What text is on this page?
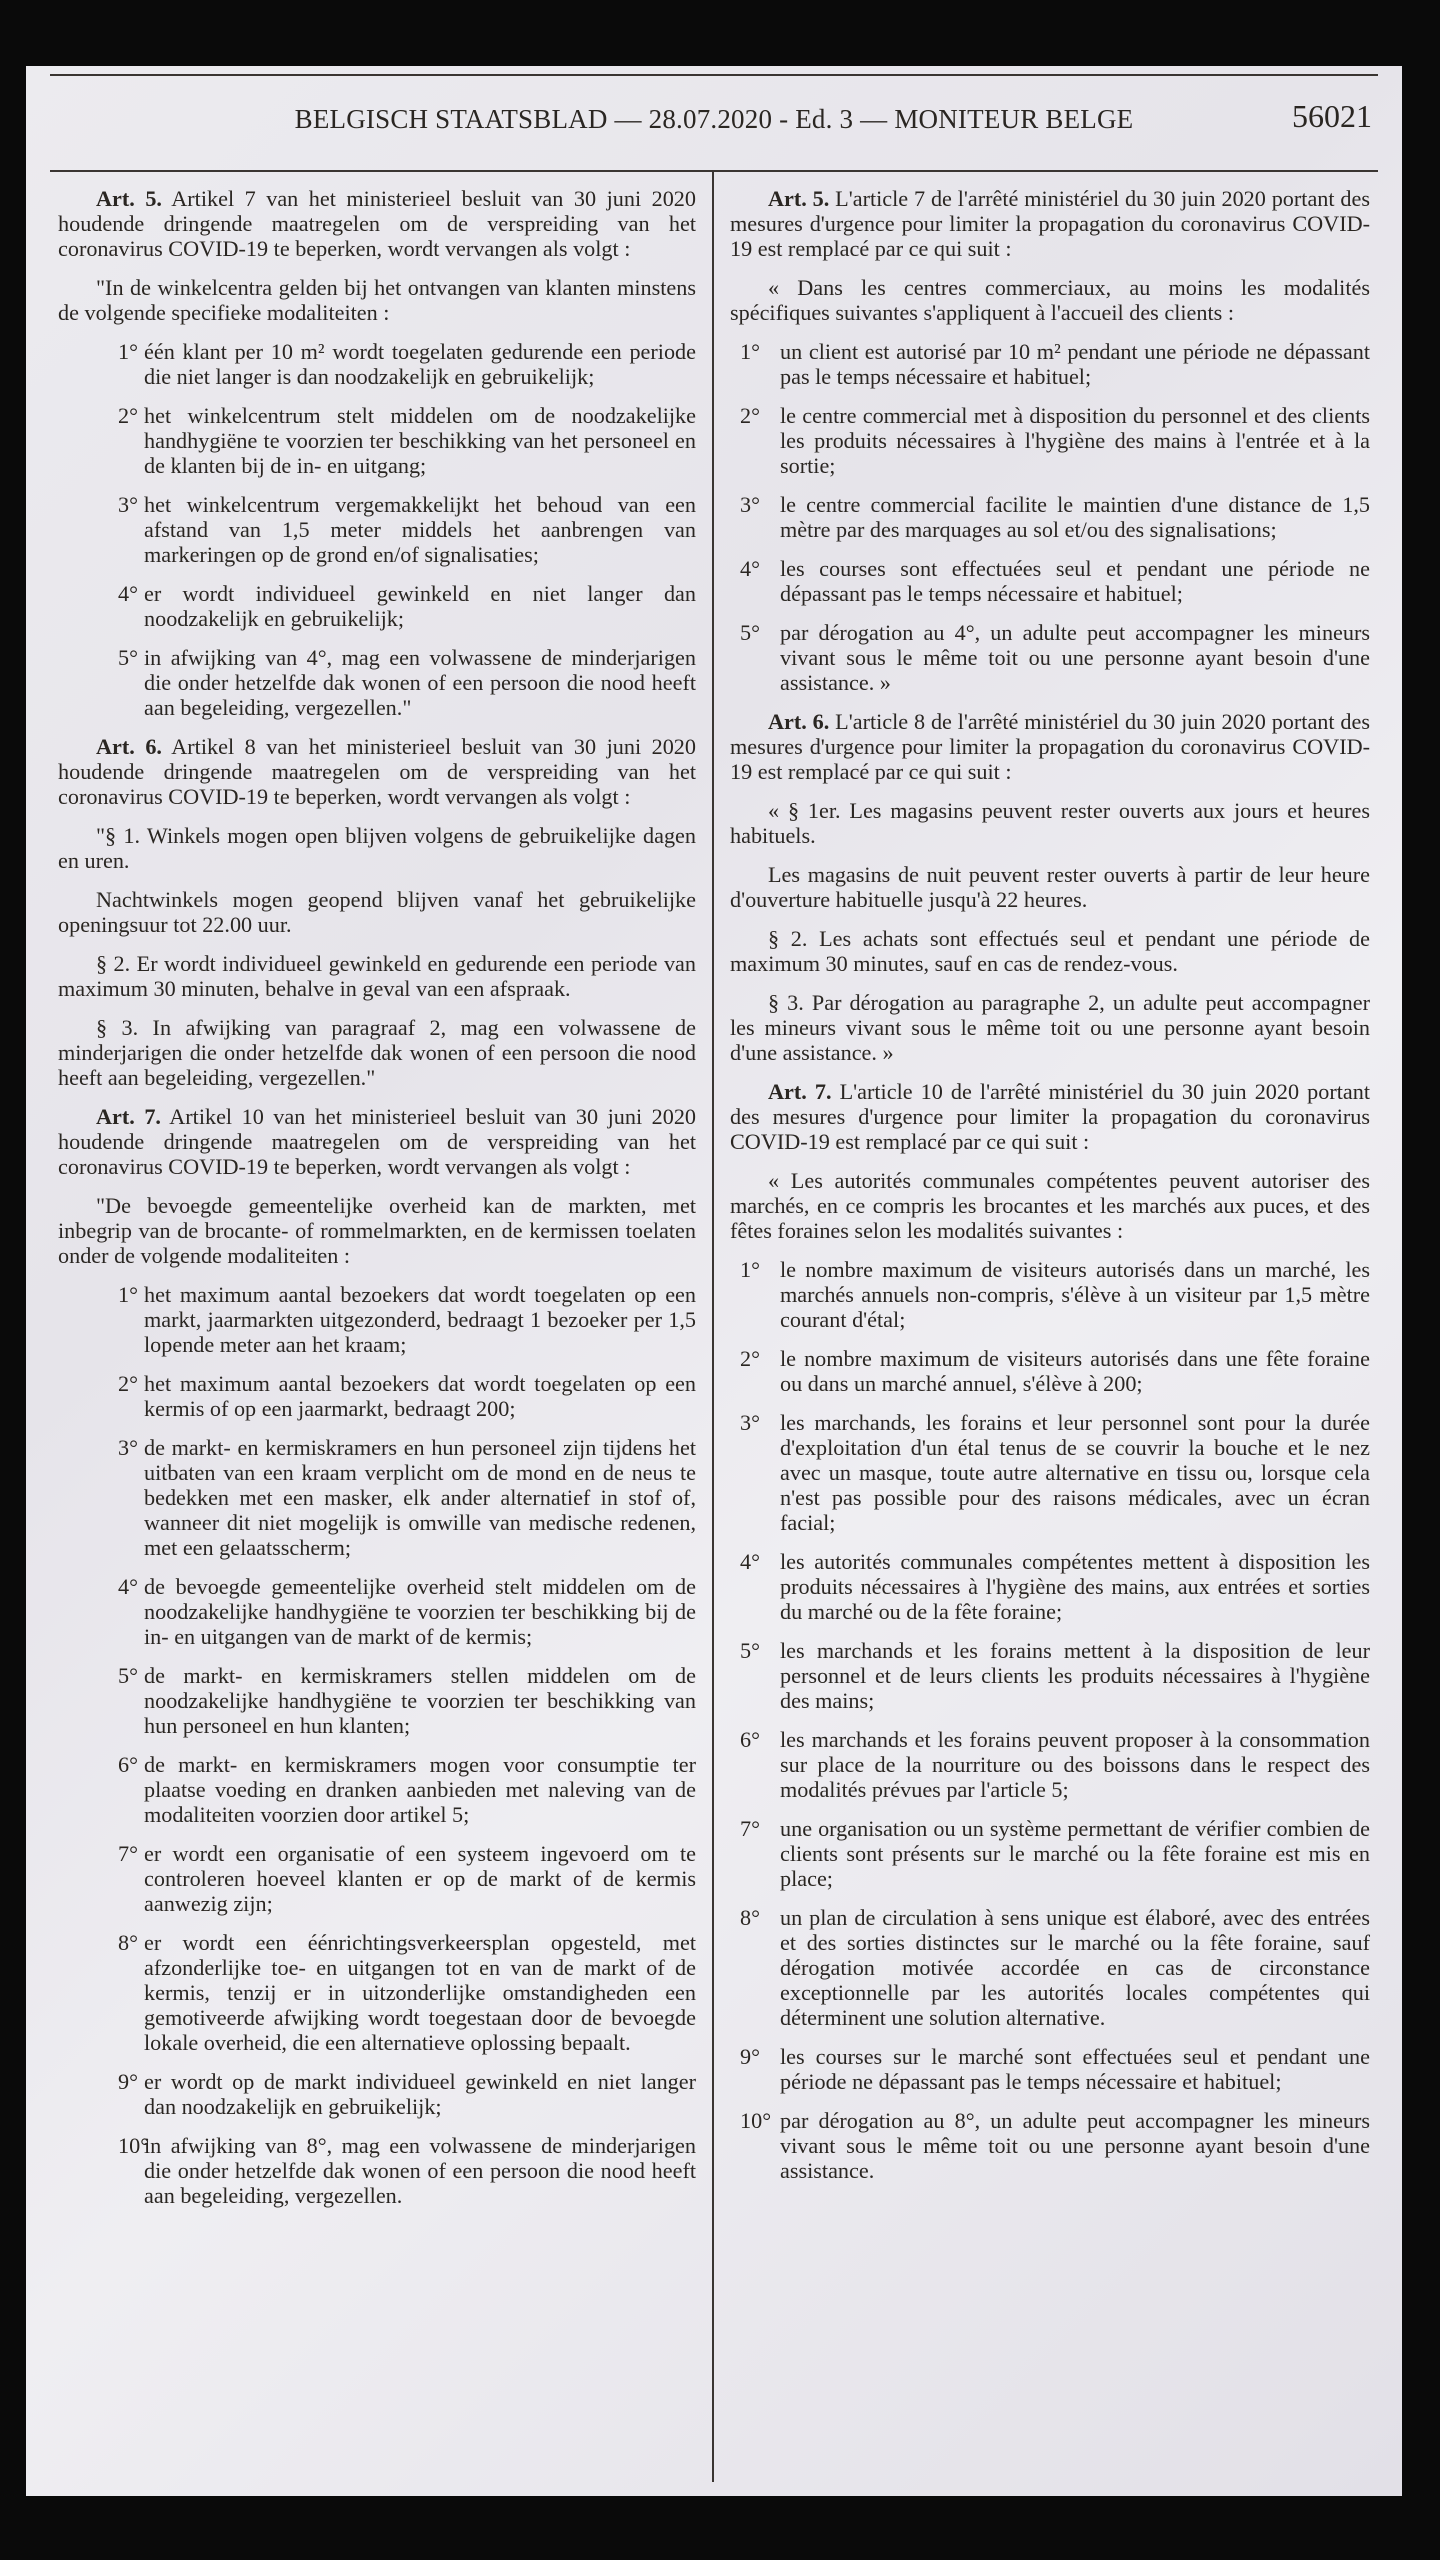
BELGISCH STAATSBLAD — 28.07.2020 - Ed. 3 — MONITEUR BELGE	56021

Art. 5. Artikel 7 van het ministerieel besluit van 30 juni 2020 houdende dringende maatregelen om de verspreiding van het coronavirus COVID-19 te beperken, wordt vervangen als volgt :

"In de winkelcentra gelden bij het ontvangen van klanten minstens de volgende specifieke modaliteiten :

1° één klant per 10 m² wordt toegelaten gedurende een periode die niet langer is dan noodzakelijk en gebruikelijk;
2° het winkelcentrum stelt middelen om de noodzakelijke handhygiëne te voorzien ter beschikking van het personeel en de klanten bij de in- en uitgang;
3° het winkelcentrum vergemakkelijkt het behoud van een afstand van 1,5 meter middels het aanbrengen van markeringen op de grond en/of signalisaties;
4° er wordt individueel gewinkeld en niet langer dan noodzakelijk en gebruikelijk;
5° in afwijking van 4°, mag een volwassene de minderjarigen die onder hetzelfde dak wonen of een persoon die nood heeft aan begeleiding, vergezellen."

Art. 6. Artikel 8 van het ministerieel besluit van 30 juni 2020 houdende dringende maatregelen om de verspreiding van het coronavirus COVID-19 te beperken, wordt vervangen als volgt :

"§ 1. Winkels mogen open blijven volgens de gebruikelijke dagen en uren.

Nachtwinkels mogen geopend blijven vanaf het gebruikelijke openingsuur tot 22.00 uur.

§ 2. Er wordt individueel gewinkeld en gedurende een periode van maximum 30 minuten, behalve in geval van een afspraak.

§ 3. In afwijking van paragraaf 2, mag een volwassene de minderjarigen die onder hetzelfde dak wonen of een persoon die nood heeft aan begeleiding, vergezellen."

Art. 7. Artikel 10 van het ministerieel besluit van 30 juni 2020 houdende dringende maatregelen om de verspreiding van het coronavirus COVID-19 te beperken, wordt vervangen als volgt :

"De bevoegde gemeentelijke overheid kan de markten, met inbegrip van de brocante- of rommelmarkten, en de kermissen toelaten onder de volgende modaliteiten :

1° het maximum aantal bezoekers dat wordt toegelaten op een markt, jaarmarkten uitgezonderd, bedraagt 1 bezoeker per 1,5 lopende meter aan het kraam;
2° het maximum aantal bezoekers dat wordt toegelaten op een kermis of op een jaarmarkt, bedraagt 200;
3° de markt- en kermiskramers en hun personeel zijn tijdens het uitbaten van een kraam verplicht om de mond en de neus te bedekken met een masker, elk ander alternatief in stof of, wanneer dit niet mogelijk is omwille van medische redenen, met een gelaatsscherm;
4° de bevoegde gemeentelijke overheid stelt middelen om de noodzakelijke handhygiëne te voorzien ter beschikking bij de in- en uitgangen van de markt of de kermis;
5° de markt- en kermiskramers stellen middelen om de noodzakelijke handhygiëne te voorzien ter beschikking van hun personeel en hun klanten;
6° de markt- en kermiskramers mogen voor consumptie ter plaatse voeding en dranken aanbieden met naleving van de modaliteiten voorzien door artikel 5;
7° er wordt een organisatie of een systeem ingevoerd om te controleren hoeveel klanten er op de markt of de kermis aanwezig zijn;
8° er wordt een éénrichtingsverkeersplan opgesteld, met afzonderlijke toe- en uitgangen tot en van de markt of de kermis, tenzij er in uitzonderlijke omstandigheden een gemotiveerde afwijking wordt toegestaan door de bevoegde lokale overheid, die een alternatieve oplossing bepaalt.
9° er wordt op de markt individueel gewinkeld en niet langer dan noodzakelijk en gebruikelijk;
10°
in afwijking van 8°, mag een volwassene de minderjarigen die onder hetzelfde dak wonen of een persoon die nood heeft aan begeleiding, vergezellen.

Art. 5. L'article 7 de l'arrêté ministériel du 30 juin 2020 portant des mesures d'urgence pour limiter la propagation du coronavirus COVID-19 est remplacé par ce qui suit :

« Dans les centres commerciaux, au moins les modalités spécifiques suivantes s'appliquent à l'accueil des clients :

1° un client est autorisé par 10 m² pendant une période ne dépassant pas le temps nécessaire et habituel;
2° le centre commercial met à disposition du personnel et des clients les produits nécessaires à l'hygiène des mains à l'entrée et à la sortie;
3° le centre commercial facilite le maintien d'une distance de 1,5 mètre par des marquages au sol et/ou des signalisations;
4° les courses sont effectuées seul et pendant une période ne dépassant pas le temps nécessaire et habituel;
5° par dérogation au 4°, un adulte peut accompagner les mineurs vivant sous le même toit ou une personne ayant besoin d'une assistance. »

Art. 6. L'article 8 de l'arrêté ministériel du 30 juin 2020 portant des mesures d'urgence pour limiter la propagation du coronavirus COVID-19 est remplacé par ce qui suit :

« § 1er. Les magasins peuvent rester ouverts aux jours et heures habituels.

Les magasins de nuit peuvent rester ouverts à partir de leur heure d'ouverture habituelle jusqu'à 22 heures.

§ 2. Les achats sont effectués seul et pendant une période de maximum 30 minutes, sauf en cas de rendez-vous.

§ 3. Par dérogation au paragraphe 2, un adulte peut accompagner les mineurs vivant sous le même toit ou une personne ayant besoin d'une assistance. »

Art. 7. L'article 10 de l'arrêté ministériel du 30 juin 2020 portant des mesures d'urgence pour limiter la propagation du coronavirus COVID-19 est remplacé par ce qui suit :

« Les autorités communales compétentes peuvent autoriser des marchés, en ce compris les brocantes et les marchés aux puces, et des fêtes foraines selon les modalités suivantes :

1° le nombre maximum de visiteurs autorisés dans un marché, les marchés annuels non-compris, s'élève à un visiteur par 1,5 mètre courant d'étal;
2° le nombre maximum de visiteurs autorisés dans une fête foraine ou dans un marché annuel, s'élève à 200;
3° les marchands, les forains et leur personnel sont pour la durée d'exploitation d'un étal tenus de se couvrir la bouche et le nez avec un masque, toute autre alternative en tissu ou, lorsque cela n'est pas possible pour des raisons médicales, avec un écran facial;
4° les autorités communales compétentes mettent à disposition les produits nécessaires à l'hygiène des mains, aux entrées et sorties du marché ou de la fête foraine;
5° les marchands et les forains mettent à la disposition de leur personnel et de leurs clients les produits nécessaires à l'hygiène des mains;
6° les marchands et les forains peuvent proposer à la consommation sur place de la nourriture ou des boissons dans le respect des modalités prévues par l'article 5;
7° une organisation ou un système permettant de vérifier combien de clients sont présents sur le marché ou la fête foraine est mis en place;
8° un plan de circulation à sens unique est élaboré, avec des entrées et des sorties distinctes sur le marché ou la fête foraine, sauf dérogation motivée accordée en cas de circonstance exceptionnelle par les autorités locales compétentes qui déterminent une solution alternative.
9° les courses sur le marché sont effectuées seul et pendant une période ne dépassant pas le temps nécessaire et habituel;
10° par dérogation au 8°, un adulte peut accompagner les mineurs vivant sous le même toit ou une personne ayant besoin d'une assistance.
